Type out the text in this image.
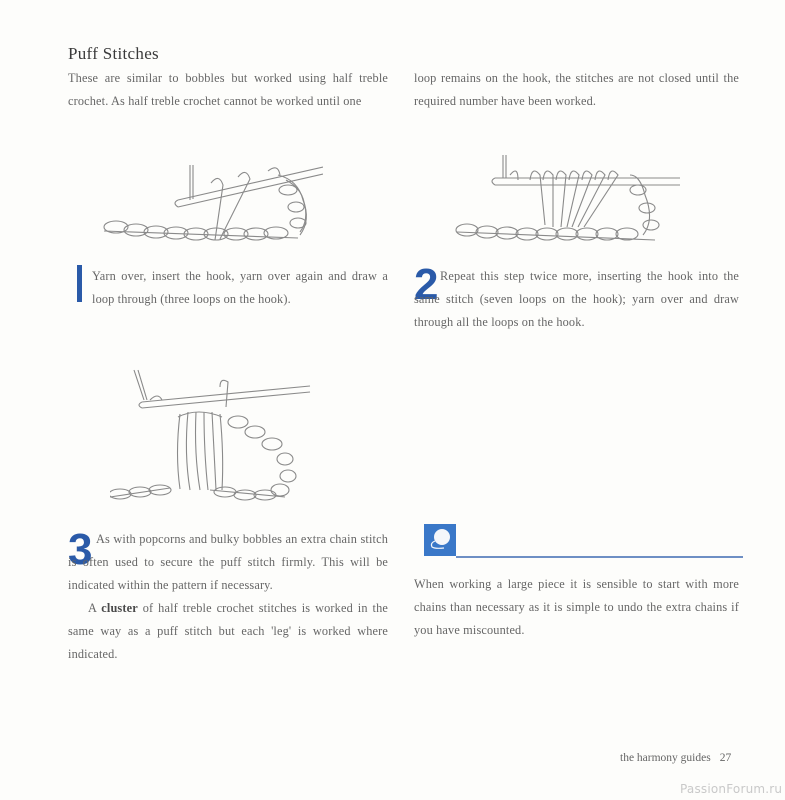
Puff Stitches
These are similar to bobbles but worked using half treble crochet. As half treble crochet cannot be worked until one
loop remains on the hook, the stitches are not closed until the required number have been worked.
Yarn over, insert the hook, yarn over again and draw a loop through (three loops on the hook).	2 Repeat this step twice more, inserting the hook into the same stitch (seven loops on the hook); yarn over and draw through all the loops on the hook.
3 As with popcorns and bulky bobbles an extra chain stitch is often used to secure the puff stitch firmly. This will be indicated within the pattern if necessary.
A cluster of half treble crochet stitches is worked in the same way as a puff stitch but each 'leg' is worked where indicated.
When working a large piece it is sensible to start with more chains than necessary as it is simple to undo the extra chains if you have miscounted.
the harmony guides 27
PassionForum.ru
